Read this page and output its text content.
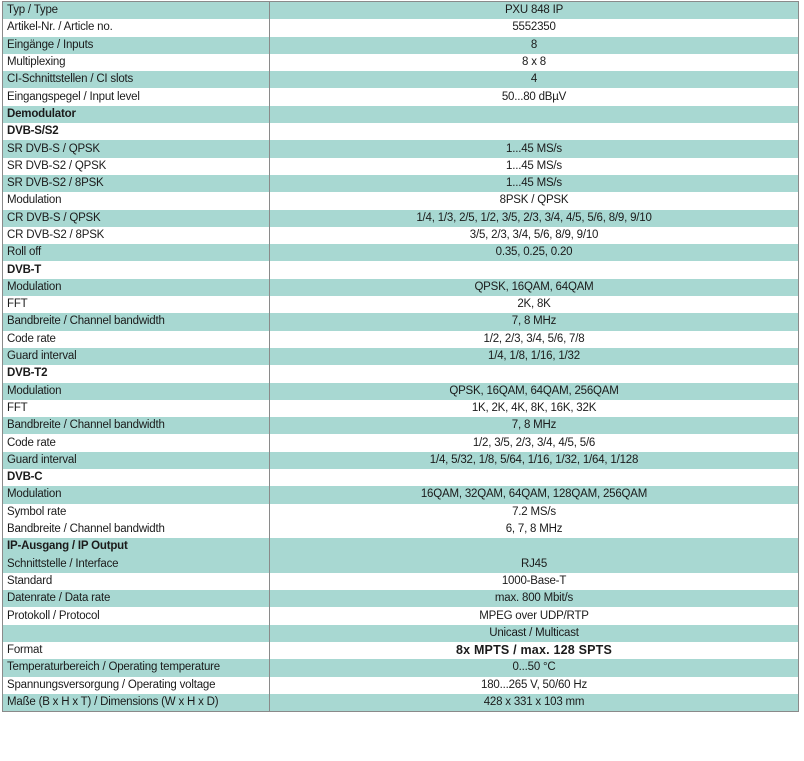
Typ / Type	PXU 848 IP
Artikel-Nr. / Article no.	5552350
Eingänge / Inputs	8
Multiplexing	8 x 8
CI-Schnittstellen / CI slots	4
Eingangspegel / Input level	50...80 dBµV
Demodulator	
DVB-S/S2	
SR DVB-S / QPSK	1...45 MS/s
SR DVB-S2 / QPSK	1...45 MS/s
SR DVB-S2 / 8PSK	1...45 MS/s
Modulation	8PSK / QPSK
CR DVB-S / QPSK	1/4, 1/3, 2/5, 1/2, 3/5, 2/3, 3/4, 4/5, 5/6, 8/9, 9/10
CR DVB-S2 / 8PSK	3/5, 2/3, 3/4, 5/6, 8/9, 9/10
Roll off	0.35, 0.25, 0.20
DVB-T	
Modulation	QPSK, 16QAM, 64QAM
FFT	2K, 8K
Bandbreite / Channel bandwidth	7, 8 MHz
Code rate	1/2, 2/3, 3/4, 5/6, 7/8
Guard interval	1/4, 1/8, 1/16, 1/32
DVB-T2	
Modulation	QPSK, 16QAM, 64QAM, 256QAM
FFT	1K, 2K, 4K, 8K, 16K, 32K
Bandbreite / Channel bandwidth	7, 8 MHz
Code rate	1/2, 3/5, 2/3, 3/4, 4/5, 5/6
Guard interval	1/4, 5/32, 1/8, 5/64, 1/16, 1/32, 1/64, 1/128
DVB-C	
Modulation	16QAM, 32QAM, 64QAM, 128QAM, 256QAM
Symbol rate	7.2 MS/s
Bandbreite / Channel bandwidth	6, 7, 8 MHz
IP-Ausgang / IP Output	
Schnittstelle / Interface	RJ45
Standard	1000-Base-T
Datenrate / Data rate	max. 800 Mbit/s
Protokoll / Protocol	MPEG over UDP/RTP
	Unicast / Multicast
Format	8x MPTS / max. 128 SPTS
Temperaturbereich / Operating temperature	0...50 °C
Spannungsversorgung / Operating voltage	180...265 V, 50/60 Hz
Maße (B x H x T) / Dimensions (W x H x D)	428 x 331 x 103 mm
